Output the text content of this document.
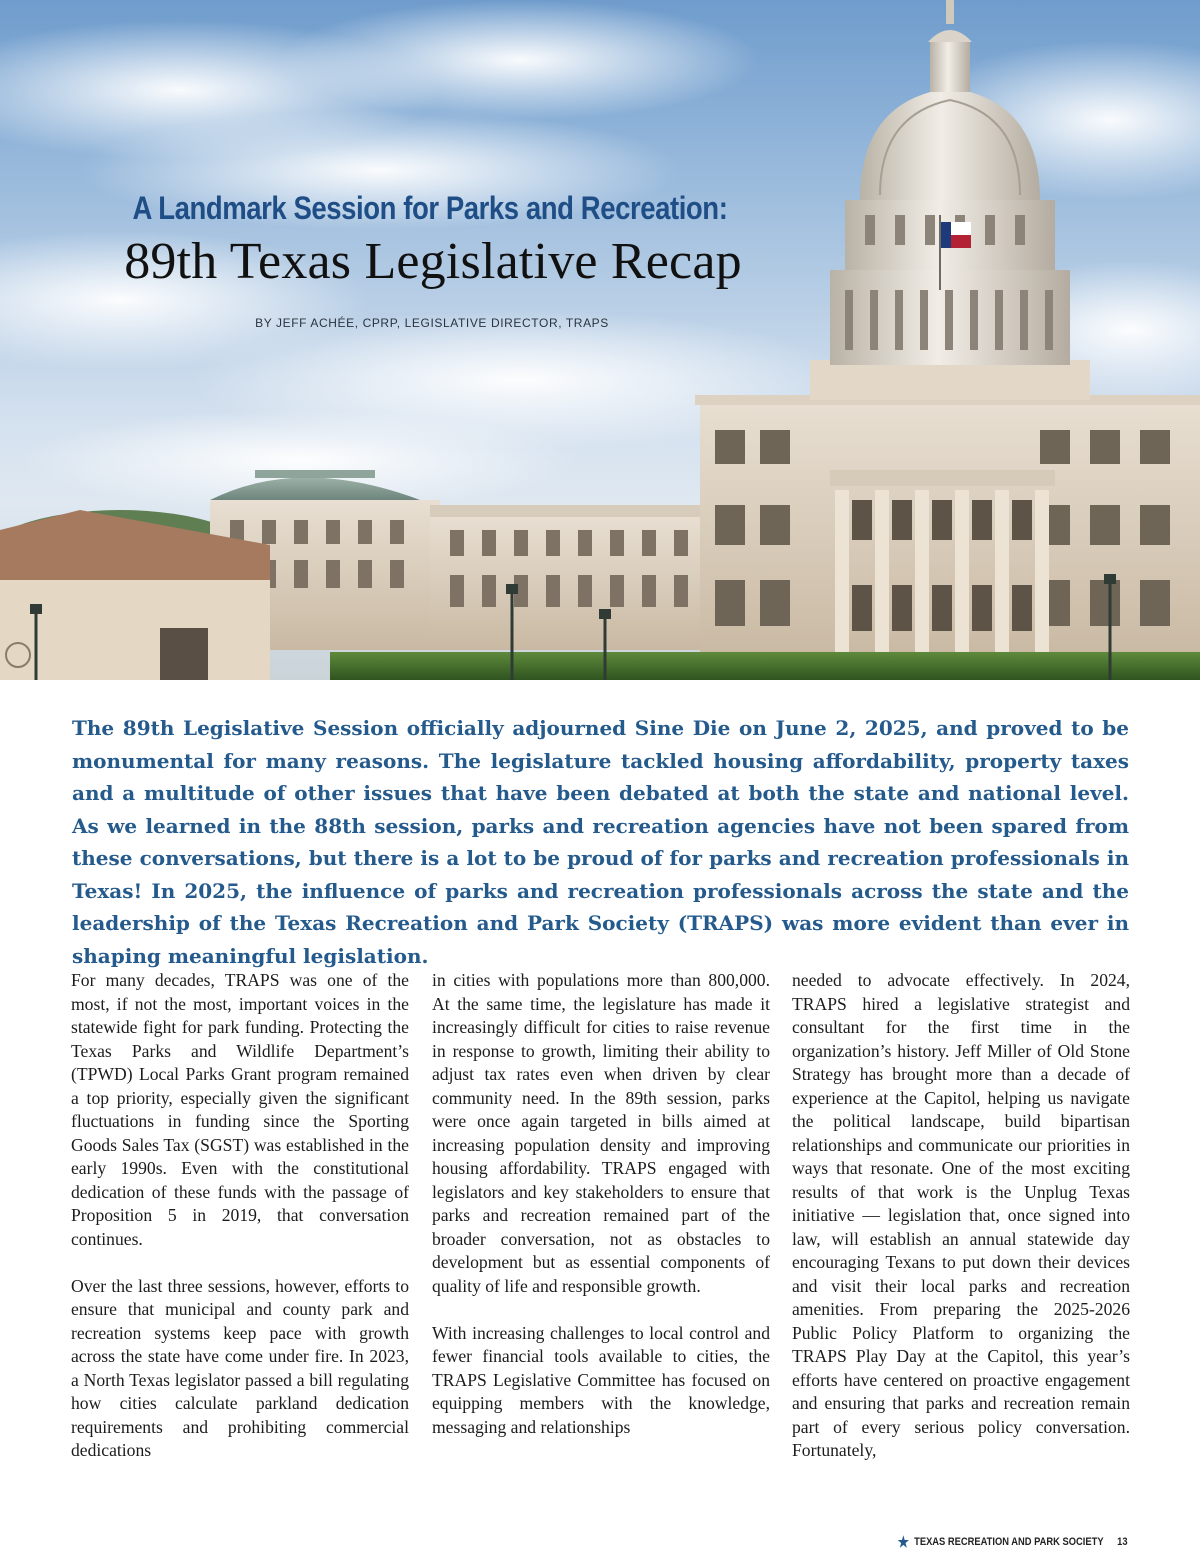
A Landmark Session for Parks and Recreation:
89th Texas Legislative Recap
BY JEFF ACHÉE, CPRP, LEGISLATIVE DIRECTOR, TRAPS

The 89th Legislative Session officially adjourned Sine Die on June 2, 2025, and proved to be monumental for many reasons. The legislature tackled housing affordability, property taxes and a multitude of other issues that have been debated at both the state and national level. As we learned in the 88th session, parks and recreation agencies have not been spared from these conversations, but there is a lot to be proud of for parks and recreation professionals in Texas! In 2025, the influence of parks and recreation professionals across the state and the leadership of the Texas Recreation and Park Society (TRAPS) was more evident than ever in shaping meaningful legislation.

For many decades, TRAPS was one of the most, if not the most, important voices in the statewide fight for park funding. Protecting the Texas Parks and Wildlife Department’s (TPWD) Local Parks Grant program remained a top priority, especially given the significant fluctuations in funding since the Sporting Goods Sales Tax (SGST) was established in the early 1990s. Even with the constitutional dedication of these funds with the passage of Proposition 5 in 2019, that conversation continues.

Over the last three sessions, however, efforts to ensure that municipal and county park and recreation systems keep pace with growth across the state have come under fire. In 2023, a North Texas legislator passed a bill regulating how cities calculate parkland dedication requirements and prohibiting commercial dedications

in cities with populations more than 800,000. At the same time, the legislature has made it increasingly difficult for cities to raise revenue in response to growth, limiting their ability to adjust tax rates even when driven by clear community need. In the 89th session, parks were once again targeted in bills aimed at increasing population density and improving housing affordability. TRAPS engaged with legislators and key stakeholders to ensure that parks and recreation remained part of the broader conversation, not as obstacles to development but as essential components of quality of life and responsible growth.

With increasing challenges to local control and fewer financial tools available to cities, the TRAPS Legislative Committee has focused on equipping members with the knowledge, messaging and relationships

needed to advocate effectively. In 2024, TRAPS hired a legislative strategist and consultant for the first time in the organization’s history. Jeff Miller of Old Stone Strategy has brought more than a decade of experience at the Capitol, helping us navigate the political landscape, build bipartisan relationships and communicate our priorities in ways that resonate. One of the most exciting results of that work is the Unplug Texas initiative — legislation that, once signed into law, will establish an annual statewide day encouraging Texans to put down their devices and visit their local parks and recreation amenities. From preparing the 2025-2026 Public Policy Platform to organizing the TRAPS Play Day at the Capitol, this year’s efforts have centered on proactive engagement and ensuring that parks and recreation remain part of every serious policy conversation. Fortunately,

★ TEXAS RECREATION AND PARK SOCIETY 13
